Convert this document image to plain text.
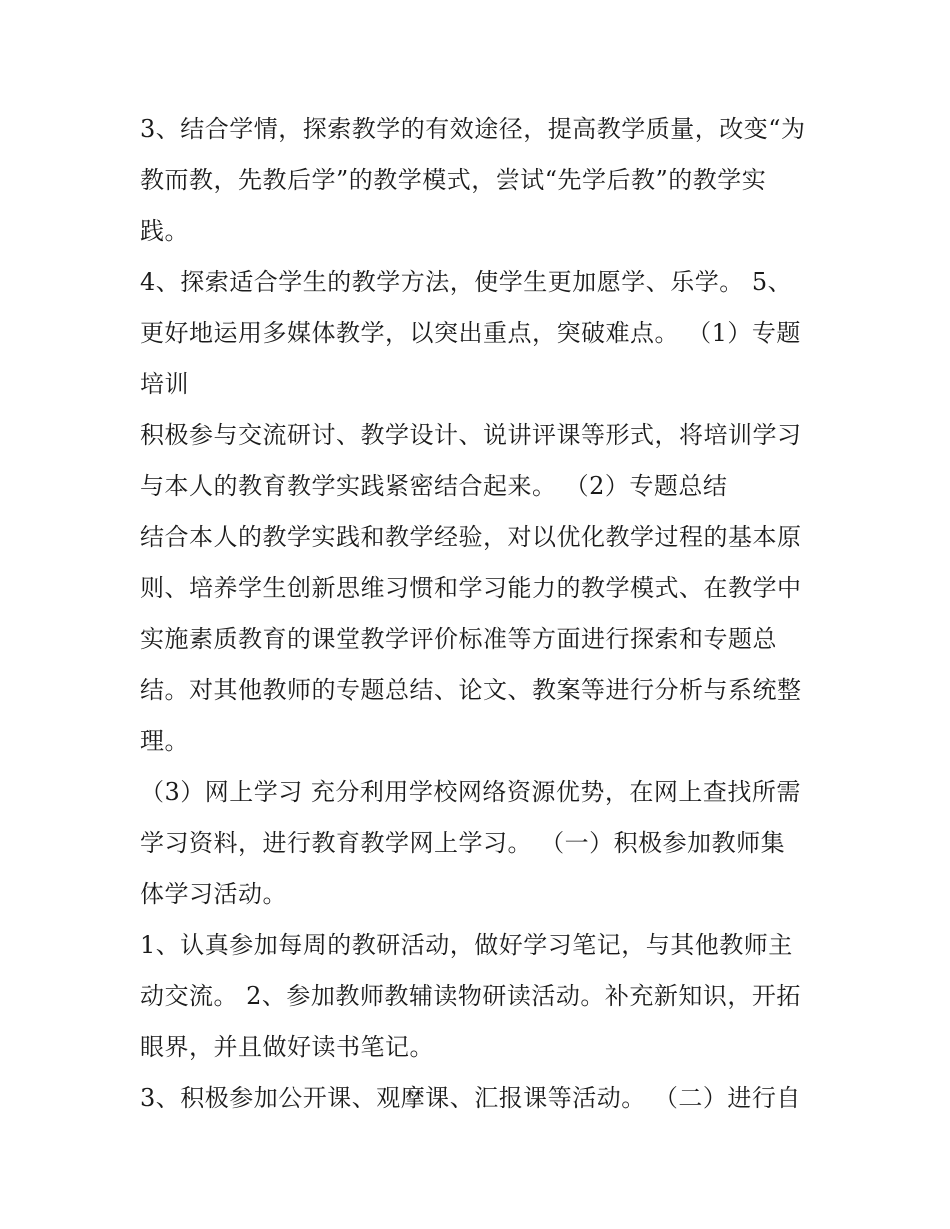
3、结合学情，探索教学的有效途径，提高教学质量，改变“为
教而教，先教后学”的教学模式，尝试“先学后教”的教学实
践。
4、探索适合学生的教学方法，使学生更加愿学、乐学。 5、
更好地运用多媒体教学，以突出重点，突破难点。 （1）专题
培训
积极参与交流研讨、教学设计、说讲评课等形式，将培训学习
与本人的教育教学实践紧密结合起来。 （2）专题总结
结合本人的教学实践和教学经验，对以优化教学过程的基本原
则、培养学生创新思维习惯和学习能力的教学模式、在教学中
实施素质教育的课堂教学评价标准等方面进行探索和专题总
结。对其他教师的专题总结、论文、教案等进行分析与系统整
理。
（3）网上学习 充分利用学校网络资源优势，在网上查找所需
学习资料，进行教育教学网上学习。 （一）积极参加教师集
体学习活动。
1、认真参加每周的教研活动，做好学习笔记，与其他教师主
动交流。 2、参加教师教辅读物研读活动。补充新知识，开拓
眼界，并且做好读书笔记。
3、积极参加公开课、观摩课、汇报课等活动。 （二）进行自
